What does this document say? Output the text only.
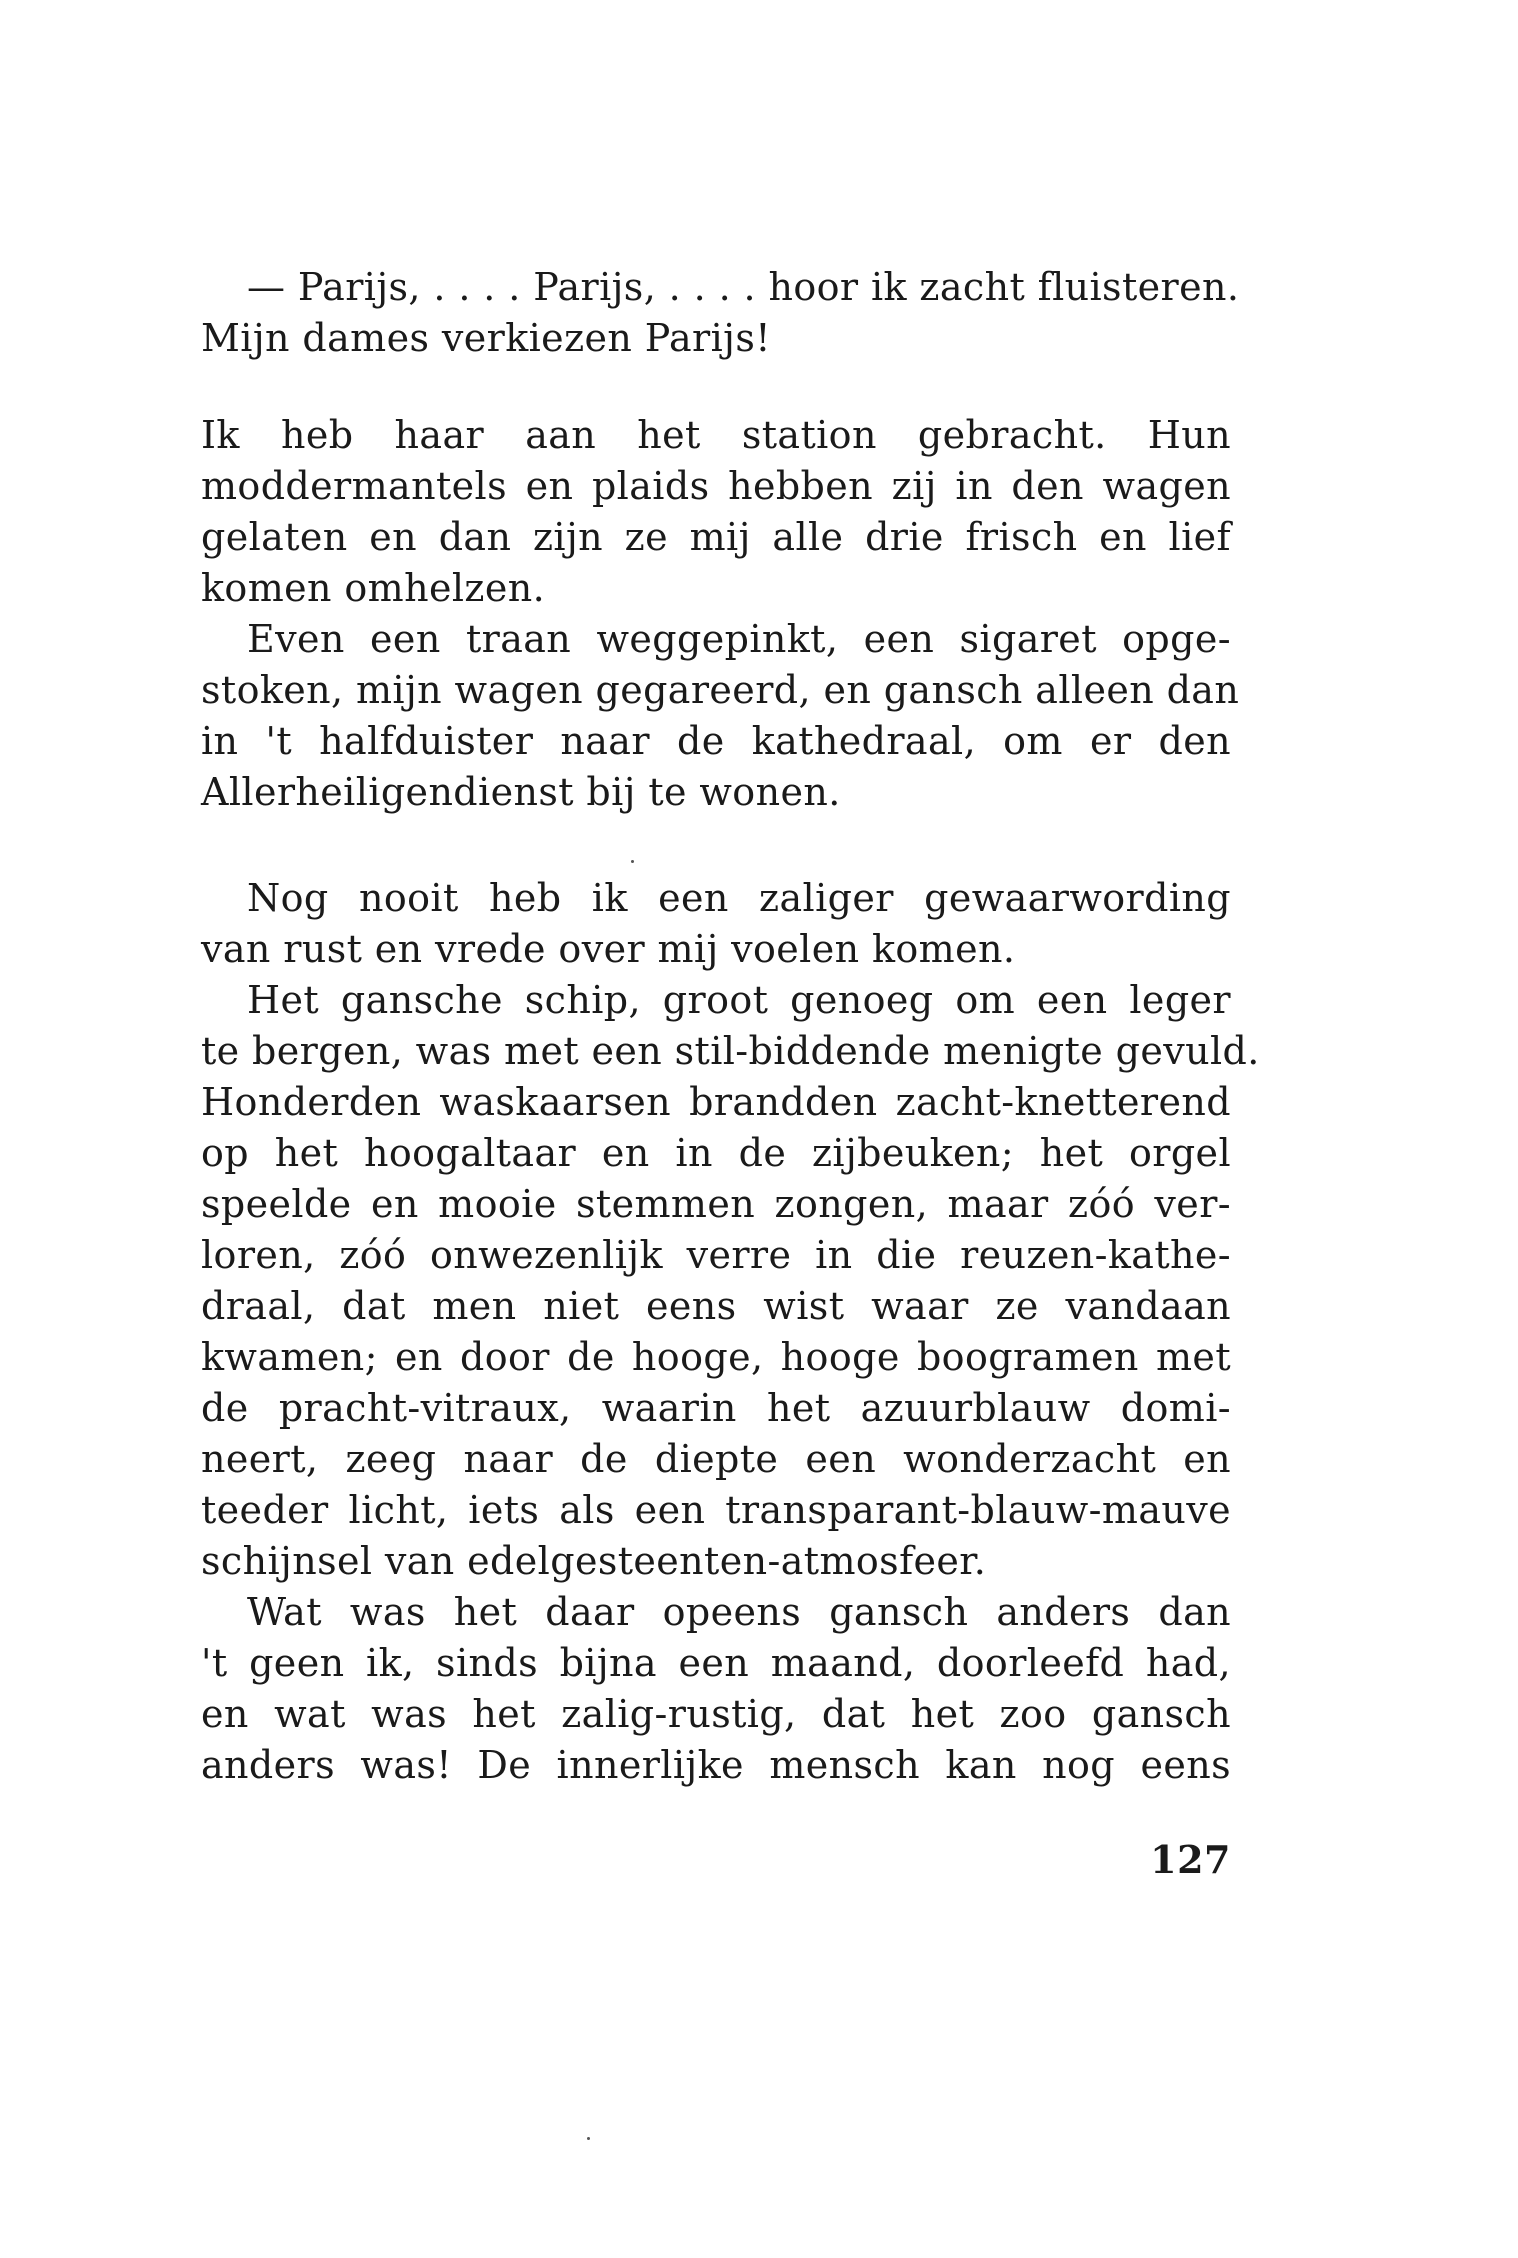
— Parijs, . . . . Parijs, . . . . hoor ik zacht fluisteren.
Mijn dames verkiezen Parijs!
Ik heb haar aan het station gebracht. Hun
moddermantels en plaids hebben zij in den wagen
gelaten en dan zijn ze mij alle drie frisch en lief
komen omhelzen.
Even een traan weggepinkt, een sigaret opge-
stoken, mijn wagen gegareerd, en gansch alleen dan
in 't halfduister naar de kathedraal, om er den
Allerheiligendienst bij te wonen.
Nog nooit heb ik een zaliger gewaarwording
van rust en vrede over mij voelen komen.
Het gansche schip, groot genoeg om een leger
te bergen, was met een stil-biddende menigte gevuld.
Honderden waskaarsen brandden zacht-knetterend
op het hoogaltaar en in de zijbeuken; het orgel
speelde en mooie stemmen zongen, maar zóó ver-
loren, zóó onwezenlijk verre in die reuzen-kathe-
draal, dat men niet eens wist waar ze vandaan
kwamen; en door de hooge, hooge boogramen met
de pracht-vitraux, waarin het azuurblauw domi-
neert, zeeg naar de diepte een wonderzacht en
teeder licht, iets als een transparant-blauw-mauve
schijnsel van edelgesteenten-atmosfeer.
Wat was het daar opeens gansch anders dan
't geen ik, sinds bijna een maand, doorleefd had,
en wat was het zalig-rustig, dat het zoo gansch
anders was! De innerlijke mensch kan nog eens
127
